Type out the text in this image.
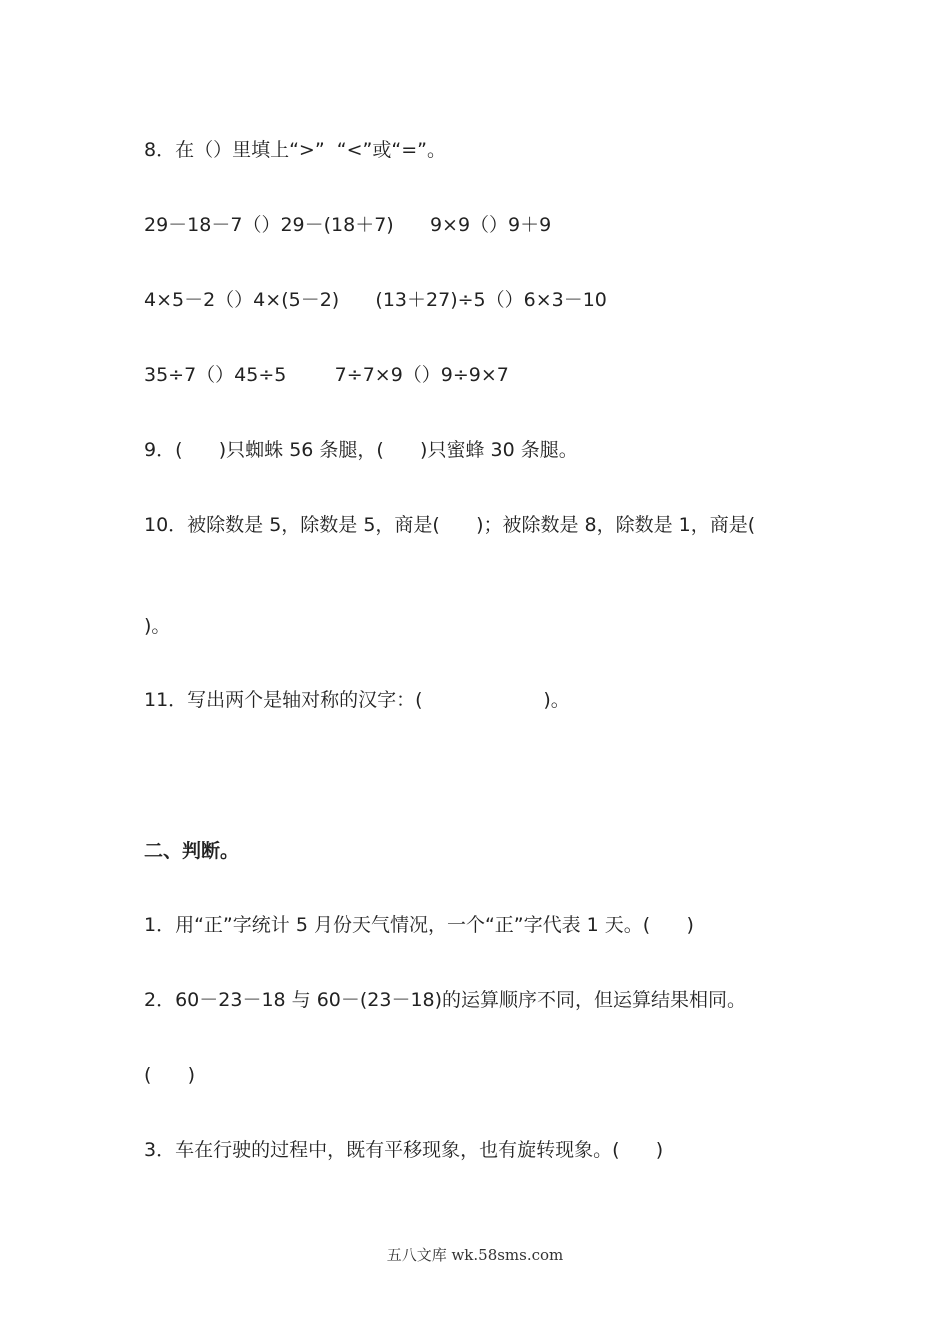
8．在（）里填上“>”  “<”或“=”。
29－18－7（）29－(18＋7)      9×9（）9＋9
4×5－2（）4×(5－2)      (13＋27)÷5（）6×3－10
35÷7（）45÷5        7÷7×9（）9÷9×7
9．(      )只蜘蛛 56 条腿，(      )只蜜蜂 30 条腿。
10．被除数是 5，除数是 5，商是(      )；被除数是 8，除数是 1，商是(
)。
11．写出两个是轴对称的汉字：(                    )。
二、判断。
1．用“正”字统计 5 月份天气情况，一个“正”字代表 1 天。(      )
2．60－23－18 与 60－(23－18)的运算顺序不同，但运算结果相同。
(      )
3．车在行驶的过程中，既有平移现象，也有旋转现象。(      )
五八文库 wk.58sms.com
